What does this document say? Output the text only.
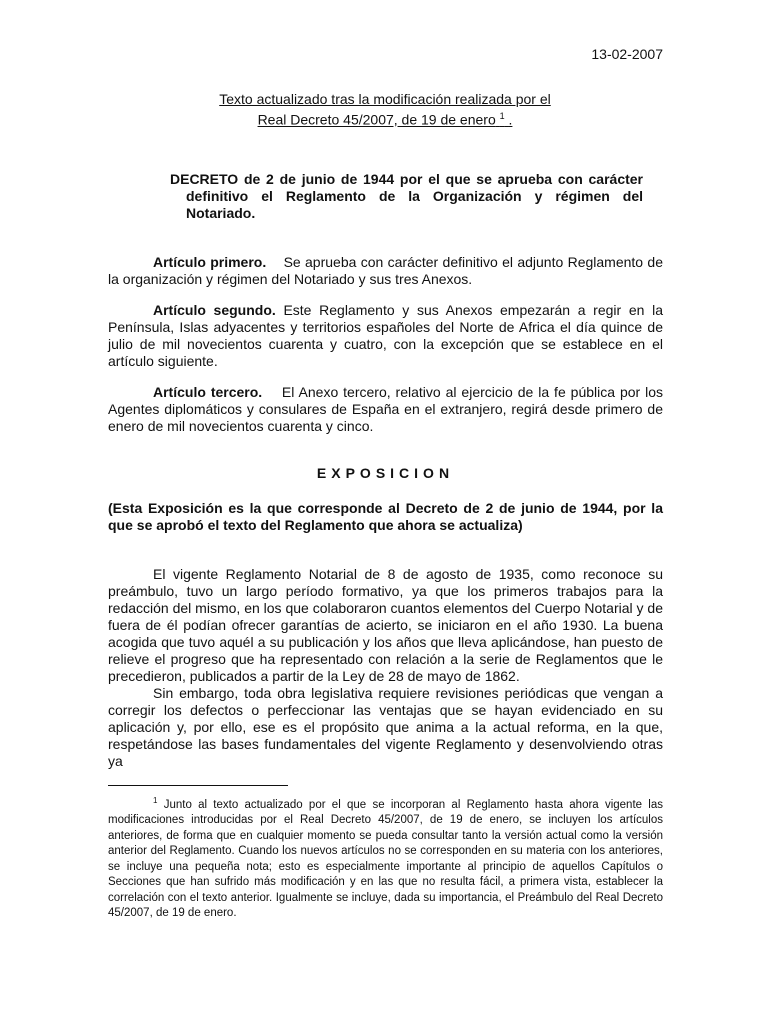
13-02-2007
Texto actualizado tras la modificación realizada por el
Real Decreto 45/2007, de 19 de enero $^1$ .
DECRETO de 2 de junio de 1944 por el que se aprueba con carácter definitivo el Reglamento de la Organización y régimen del Notariado.

Artículo primero. Se aprueba con carácter definitivo el adjunto Reglamento de la organización y régimen del Notariado y sus tres Anexos.

Artículo segundo. Este Reglamento y sus Anexos empezarán a regir en la Península, Islas adyacentes y territorios españoles del Norte de Africa el día quince de julio de mil novecientos cuarenta y cuatro, con la excepción que se establece en el artículo siguiente.

Artículo tercero. El Anexo tercero, relativo al ejercicio de la fe pública por los Agentes diplomáticos y consulares de España en el extranjero, regirá desde primero de enero de mil novecientos cuarenta y cinco.

EXPOSICION
(Esta Exposición es la que corresponde al Decreto de 2 de junio de 1944, por la que se aprobó el texto del Reglamento que ahora se actualiza)

El vigente Reglamento Notarial de 8 de agosto de 1935, como reconoce su preámbulo, tuvo un largo período formativo, ya que los primeros trabajos para la redacción del mismo, en los que colaboraron cuantos elementos del Cuerpo Notarial y de fuera de él podían ofrecer garantías de acierto, se iniciaron en el año 1930. La buena acogida que tuvo aquél a su publicación y los años que lleva aplicándose, han puesto de relieve el progreso que ha representado con relación a la serie de Reglamentos que le precedieron, publicados a partir de la Ley de 28 de mayo de 1862.

Sin embargo, toda obra legislativa requiere revisiones periódicas que vengan a corregir los defectos o perfeccionar las ventajas que se hayan evidenciado en su aplicación y, por ello, ese es el propósito que anima a la actual reforma, en la que, respetándose las bases fundamentales del vigente Reglamento y desenvolviendo otras ya

$^1$ Junto al texto actualizado por el que se incorporan al Reglamento hasta ahora vigente las modificaciones introducidas por el Real Decreto 45/2007, de 19 de enero, se incluyen los artículos anteriores, de forma que en cualquier momento se pueda consultar tanto la versión actual como la versión anterior del Reglamento. Cuando los nuevos artículos no se corresponden en su materia con los anteriores, se incluye una pequeña nota; esto es especialmente importante al principio de aquellos Capítulos o Secciones que han sufrido más modificación y en las que no resulta fácil, a primera vista, establecer la correlación con el texto anterior. Igualmente se incluye, dada su importancia, el Preámbulo del Real Decreto 45/2007, de 19 de enero.
